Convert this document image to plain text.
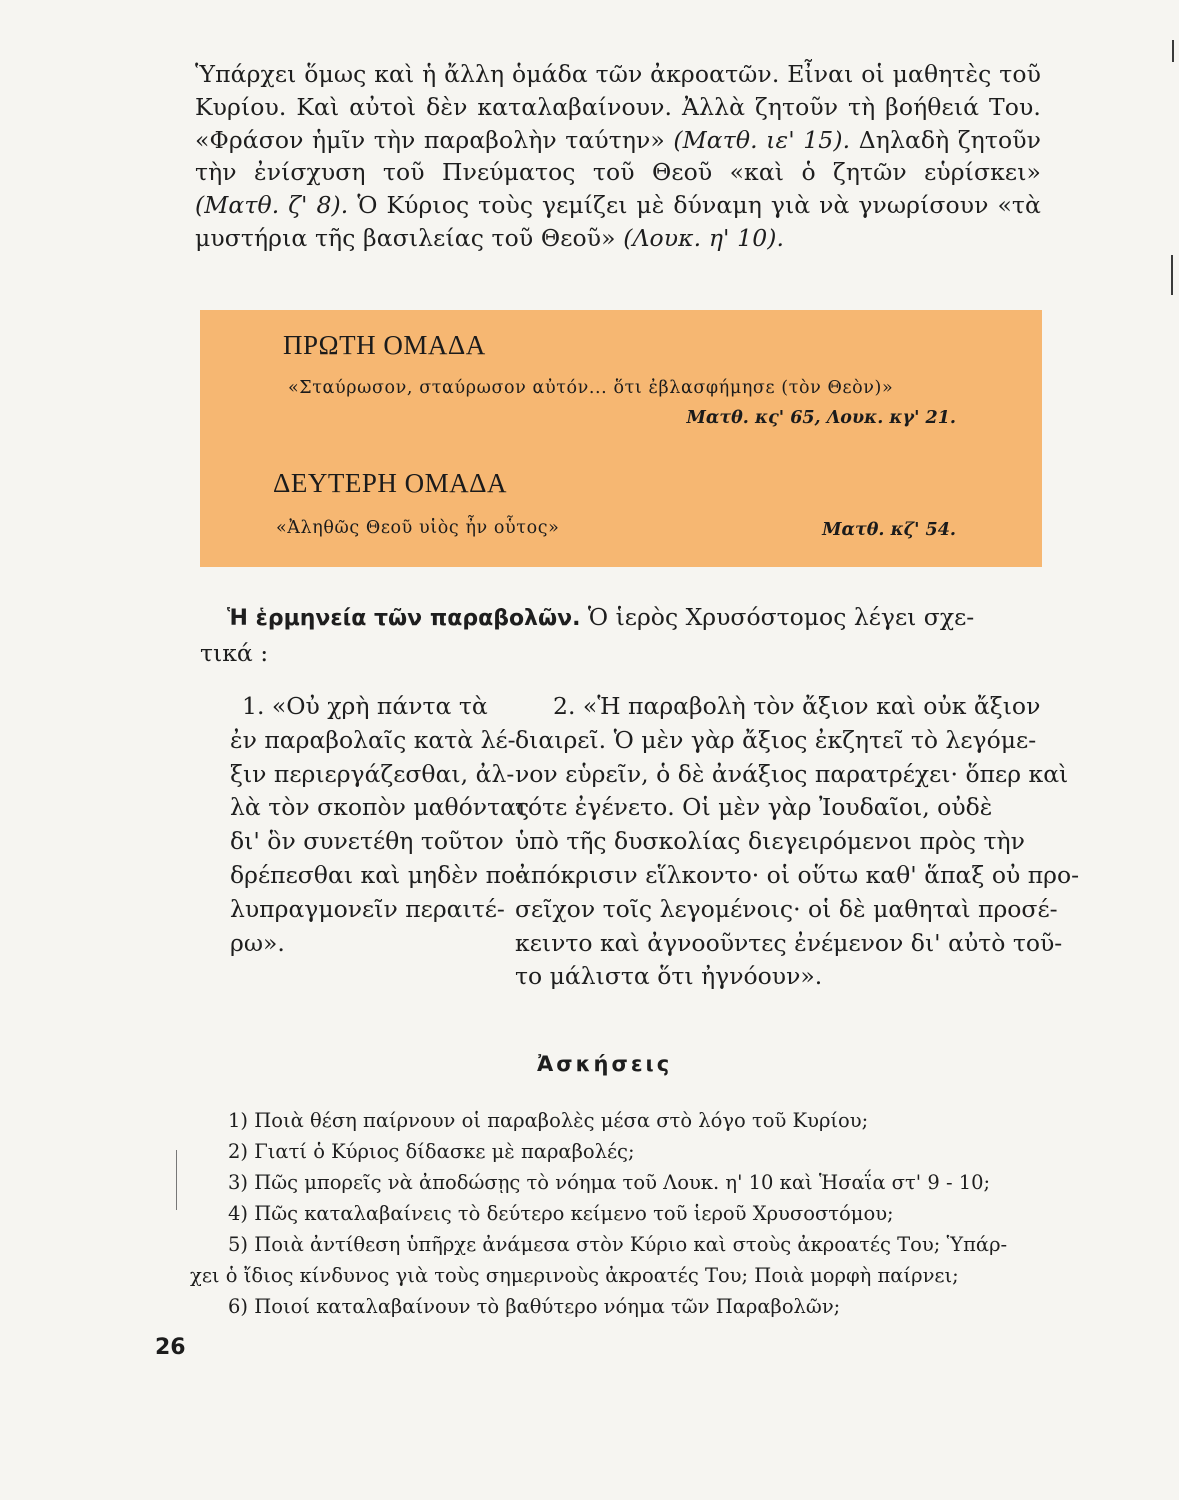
Ὑπάρχει ὅμως καὶ ἡ ἄλλη ὁμάδα τῶν ἀκροατῶν. Εἶναι οἱ μαθητὲς τοῦ Κυρίου. Καὶ αὐτοὶ δὲν καταλαβαίνουν. Ἀλλὰ ζητοῦν τὴ βοήθειά Του. «Φράσον ἡμῖν τὴν παραβολὴν ταύτην» (Ματθ. ιε' 15). Δηλαδὴ ζητοῦν τὴν ἐνίσχυση τοῦ Πνεύματος τοῦ Θεοῦ «καὶ ὁ ζητῶν εὑρίσκει» (Ματθ. ζ' 8). Ὁ Κύριος τοὺς γεμίζει μὲ δύναμη γιὰ νὰ γνωρίσουν «τὰ μυστήρια τῆς βασιλείας τοῦ Θεοῦ» (Λουκ. η' 10).
ΠΡΩΤΗ ΟΜΑΔΑ
«Σταύρωσον, σταύρωσον αὐτόν... ὅτι ἐβλασφήμησε (τὸν Θεὸν)»
Ματθ. κς' 65, Λουκ. κγ' 21.
ΔΕΥΤΕΡΗ ΟΜΑΔΑ
«Ἀληθῶς Θεοῦ υἱὸς ἦν οὗτος»	Ματθ. κζ' 54.
Ἡ ἑρμηνεία τῶν παραβολῶν. Ὁ ἱερὸς Χρυσόστομος λέγει σχε-
τικά :
1. «Οὐ χρὴ πάντα τὰ
ἐν παραβολαῖς κατὰ λέ-
ξιν περιεργάζεσθαι, ἀλ-
λὰ τὸν σκοπὸν μαθόντας
δι' ὃν συνετέθη τοῦτον
δρέπεσθαι καὶ μηδὲν πο-
λυπραγμονεῖν περαιτέ-
ρω».
2. «Ἡ παραβολὴ τὸν ἄξιον καὶ οὐκ ἄξιον
διαιρεῖ. Ὁ μὲν γὰρ ἄξιος ἐκζητεῖ τὸ λεγόμε-
νον εὑρεῖν, ὁ δὲ ἀνάξιος παρατρέχει· ὅπερ καὶ
τότε ἐγένετο. Οἱ μὲν γὰρ Ἰουδαῖοι, οὐδὲ
ὑπὸ τῆς δυσκολίας διεγειρόμενοι πρὸς τὴν
ἀπόκρισιν εἵλκοντο· οἱ οὕτω καθ' ἅπαξ οὐ προ-
σεῖχον τοῖς λεγομένοις· οἱ δὲ μαθηταὶ προσέ-
κειντο καὶ ἀγνοοῦντες ἐνέμενον δι' αὐτὸ τοῦ-
το μάλιστα ὅτι ἠγνόουν».
Ἀσκήσεις
1) Ποιὰ θέση παίρνουν οἱ παραβολὲς μέσα στὸ λόγο τοῦ Κυρίου;
2) Γιατί ὁ Κύριος δίδασκε μὲ παραβολές;
3) Πῶς μπορεῖς νὰ ἀποδώσῃς τὸ νόημα τοῦ Λουκ. η' 10 καὶ Ἡσαΐα στ' 9 - 10;
4) Πῶς καταλαβαίνεις τὸ δεύτερο κείμενο τοῦ ἱεροῦ Χρυσοστόμου;
5) Ποιὰ ἀντίθεση ὑπῆρχε ἀνάμεσα στὸν Κύριο καὶ στοὺς ἀκροατές Του; Ὑπάρ-
χει ὁ ἴδιος κίνδυνος γιὰ τοὺς σημερινοὺς ἀκροατές Του; Ποιὰ μορφὴ παίρνει;
6) Ποιοί καταλαβαίνουν τὸ βαθύτερο νόημα τῶν Παραβολῶν;
26
